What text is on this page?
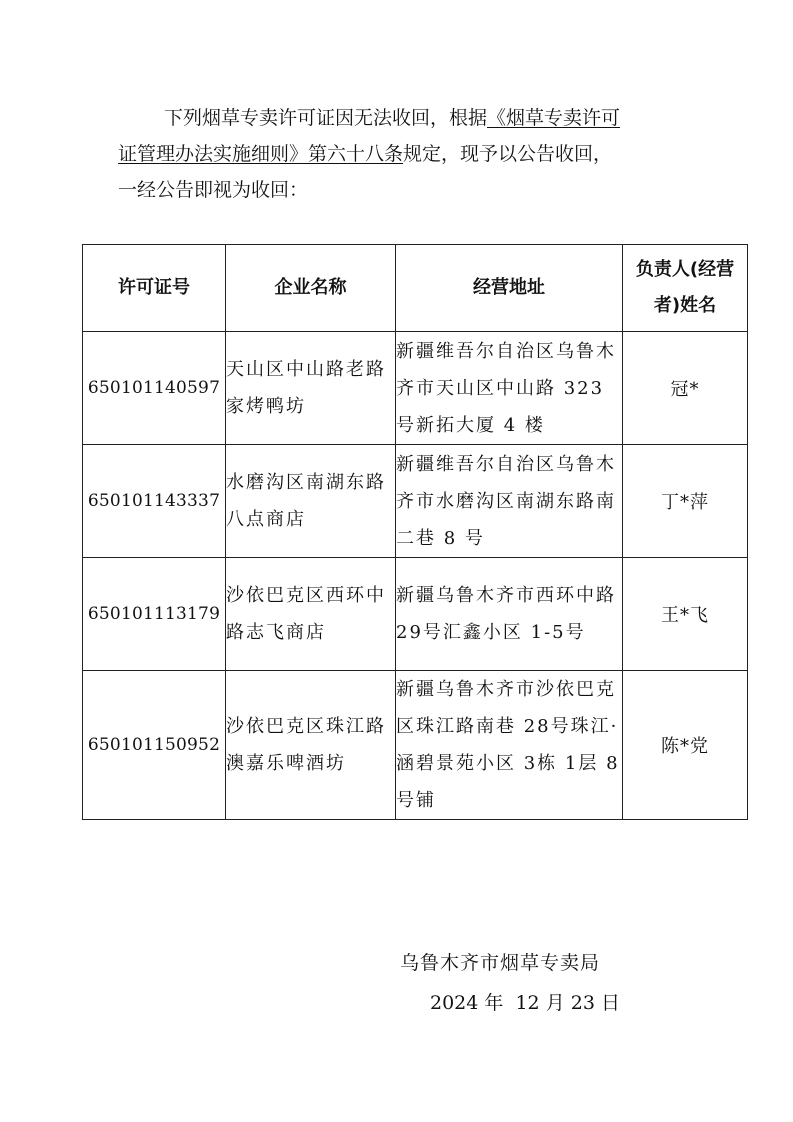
下列烟草专卖许可证因无法收回，根据《烟草专卖许可

证管理办法实施细则》第六十八条规定，现予以公告收回，

一经公告即视为收回：

许可证号	企业名称	经营地址	负责人(经营者)姓名
650101140597	天山区中山路老路家烤鸭坊	新疆维吾尔自治区乌鲁木齐市天山区中山路 323 号新拓大厦 4 楼	冠*
650101143337	水磨沟区南湖东路八点商店	新疆维吾尔自治区乌鲁木齐市水磨沟区南湖东路南二巷 8 号	丁*萍
650101113179	沙依巴克区西环中路志飞商店	新疆乌鲁木齐市西环中路29号汇鑫小区 1-5号	王*飞
650101150952	沙依巴克区珠江路澳嘉乐啤酒坊	新疆乌鲁木齐市沙依巴克区珠江路南巷 28号珠江·涵碧景苑小区 3栋 1层 8号铺	陈*党
乌鲁木齐市烟草专卖局
2024 年  12 月 23 日
